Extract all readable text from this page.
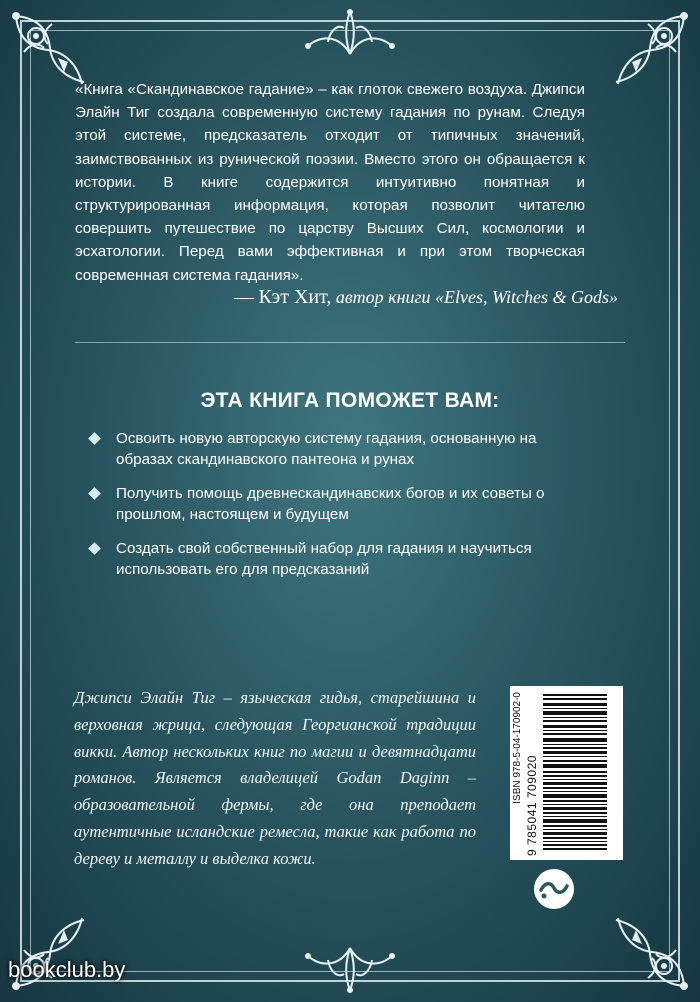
«Книга «Скандинавское гадание» – как глоток свежего воздуха. Джипси Элайн Тиг создала современную систему гадания по рунам. Следуя этой системе, предсказатель отходит от типичных значений, заимствованных из рунической поэзии. Вместо этого он обращается к истории. В книге содержится интуитивно понятная и структурированная информация, которая позволит читателю совершить путешествие по царству Высших Сил, космологии и эсхатологии. Перед вами эффективная и при этом творческая современная система гадания».
— Кэт Хит, автор книги «Elves, Witches & Gods»
ЭТА КНИГА ПОМОЖЕТ ВАМ:
Освоить новую авторскую систему гадания, основанную на образах скандинавского пантеона и рунах
Получить помощь древнескандинавских богов и их советы о прошлом, настоящем и будущем
Создать свой собственный набор для гадания и научиться использовать его для предсказаний
Джипси Элайн Тиг – языческая гидья, старейшина и верховная жрица, следующая Георгианской традиции викки. Автор нескольких книг по магии и девятнадцати романов. Является владелицей Godan Daginn – образовательной фермы, где она преподает аутентичные исландские ремесла, такие как работа по дереву и металлу и выделка кожи.
ISBN 978-5-04-170902-0
9 785041 709020
bookclub.by
